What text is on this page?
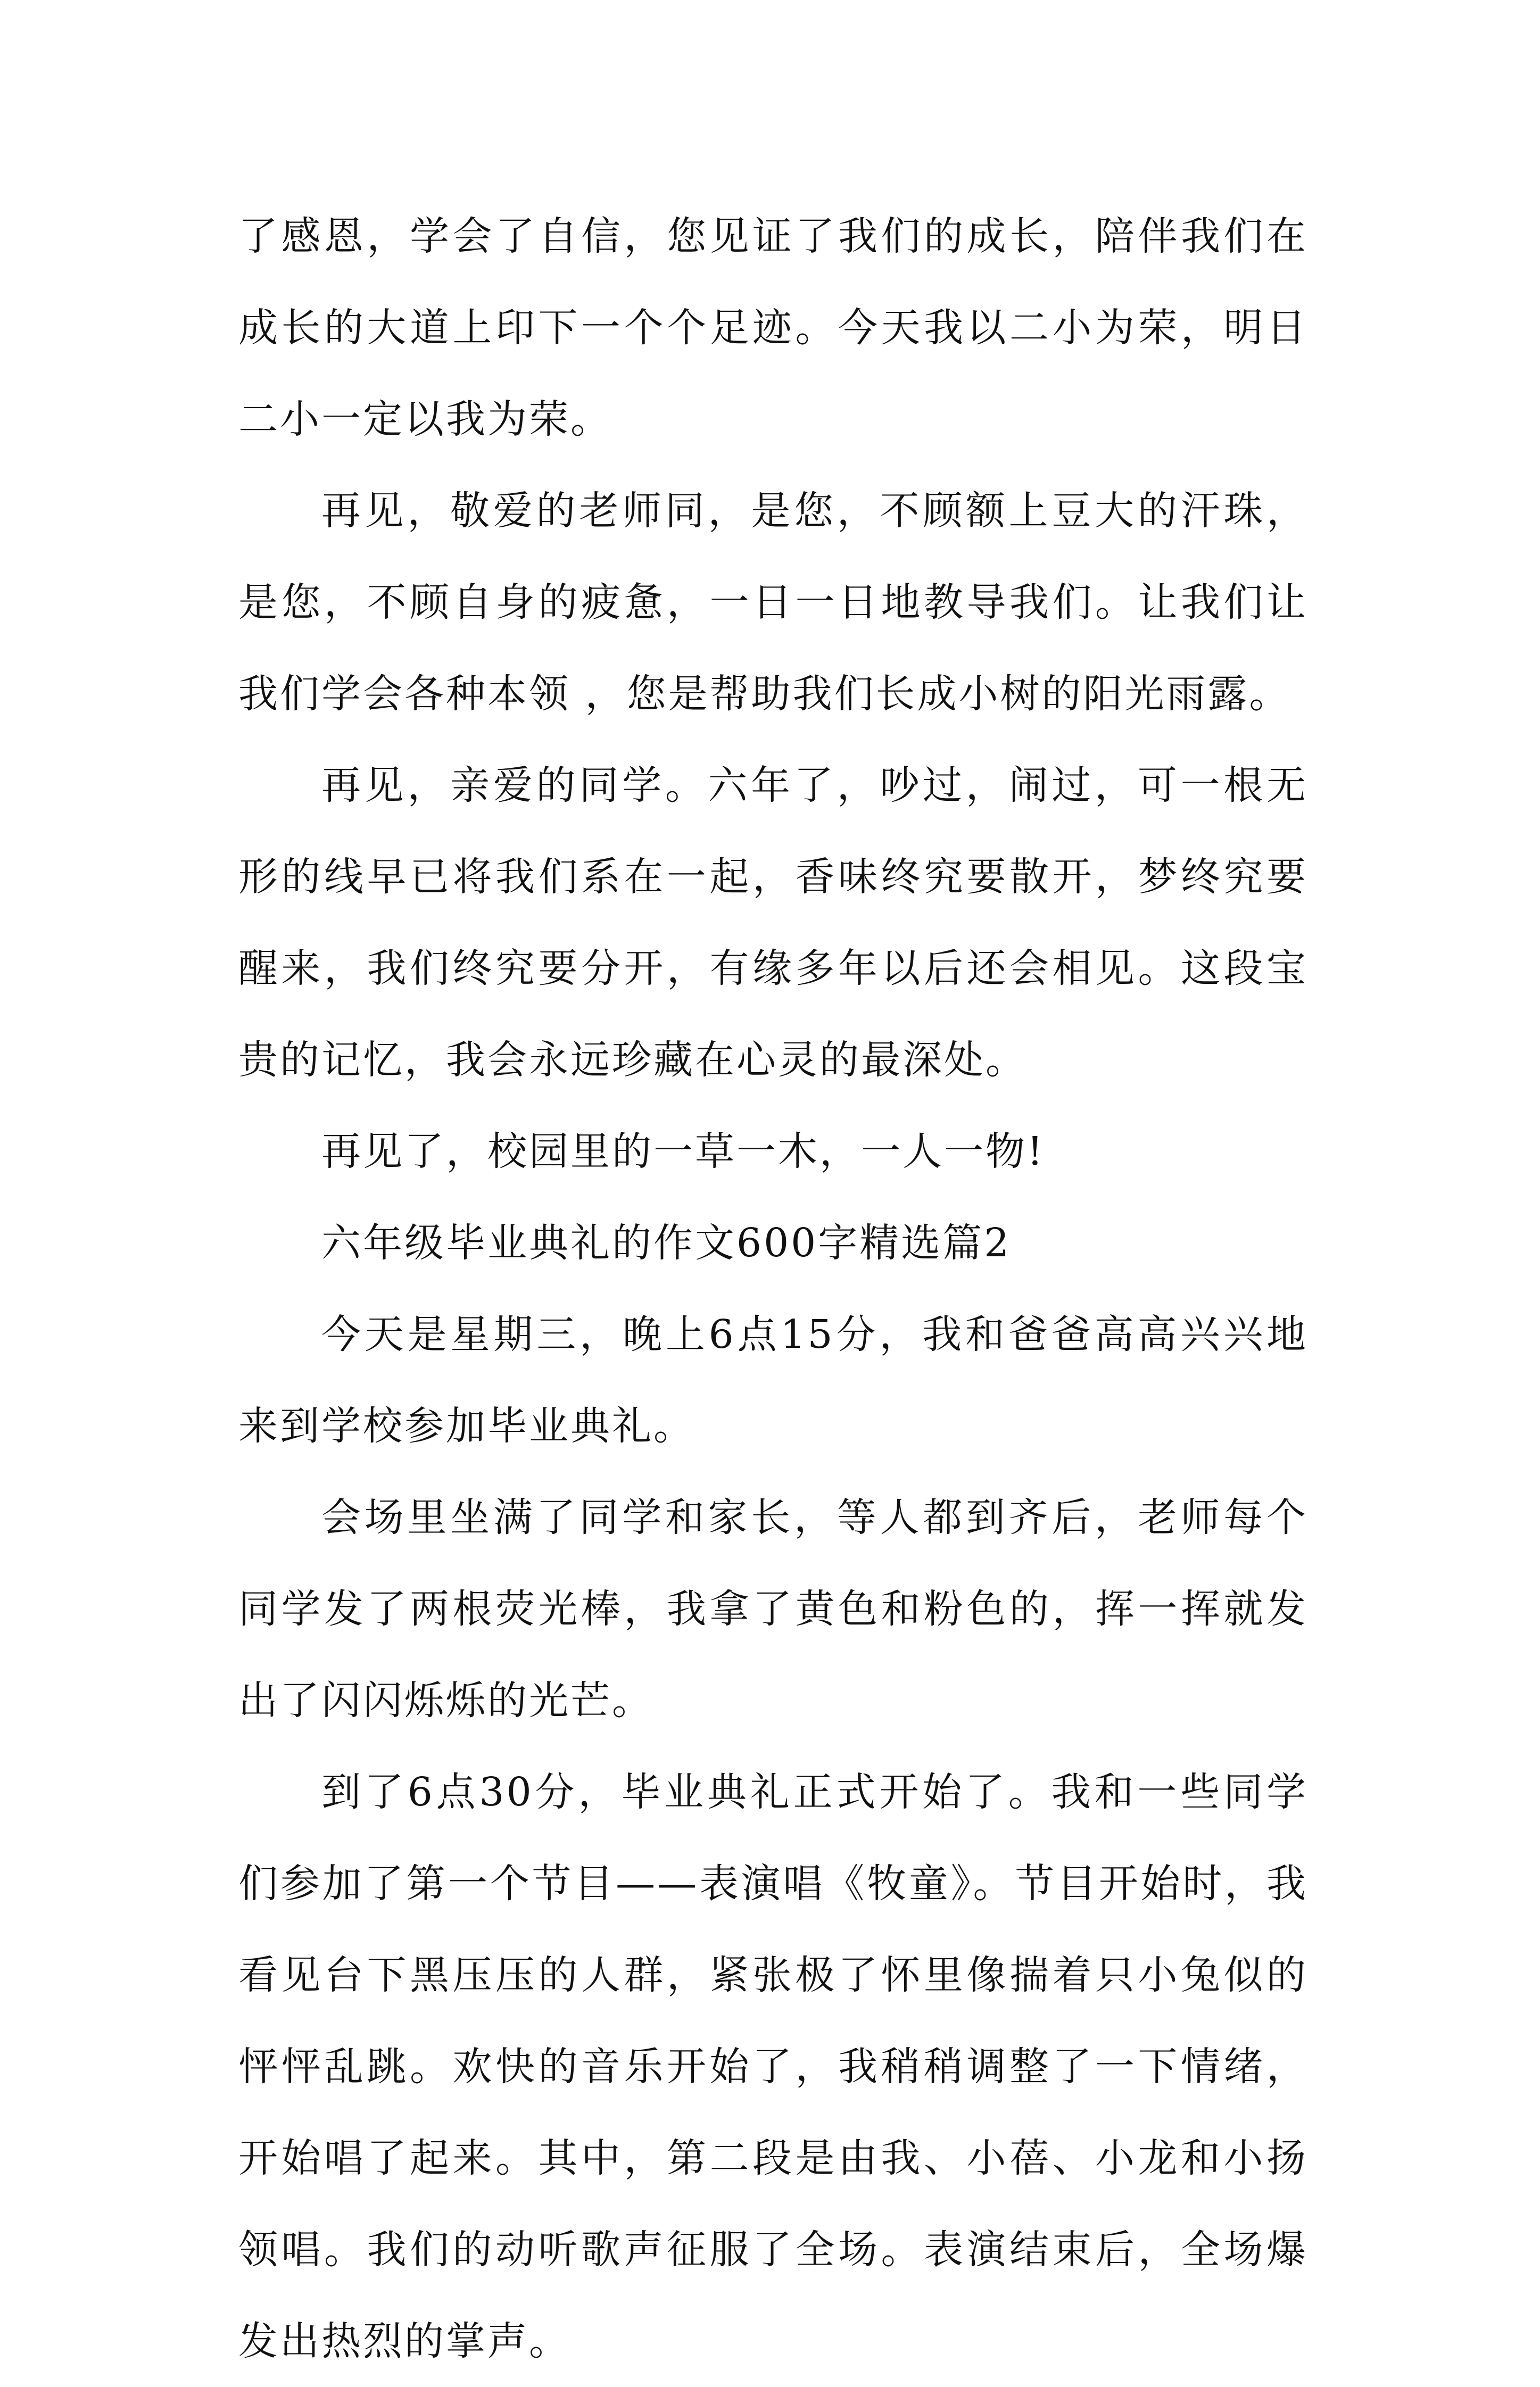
了感恩，学会了自信，您见证了我们的成长，陪伴我们在成长的大道上印下一个个足迹。今天我以二小为荣，明日二小一定以我为荣。

再见，敬爱的老师同，是您，不顾额上豆大的汗珠，是您，不顾自身的疲惫，一日一日地教导我们。让我们让我们学会各种本领 ，您是帮助我们长成小树的阳光雨露。

再见，亲爱的同学。六年了，吵过，闹过，可一根无形的线早已将我们系在一起，香味终究要散开，梦终究要醒来，我们终究要分开，有缘多年以后还会相见。这段宝贵的记忆，我会永远珍藏在心灵的最深处。

再见了，校园里的一草一木，一人一物!

六年级毕业典礼的作文600字精选篇2

今天是星期三，晚上6点15分，我和爸爸高高兴兴地来到学校参加毕业典礼。

会场里坐满了同学和家长，等人都到齐后，老师每个同学发了两根荧光棒，我拿了黄色和粉色的，挥一挥就发出了闪闪烁烁的光芒。

到了6点30分，毕业典礼正式开始了。我和一些同学们参加了第一个节目——表演唱《牧童》。节目开始时，我看见台下黑压压的人群，紧张极了怀里像揣着只小兔似的怦怦乱跳。欢快的音乐开始了，我稍稍调整了一下情绪，开始唱了起来。其中，第二段是由我、小蓓、小龙和小扬领唱。我们的动听歌声征服了全场。表演结束后，全场爆发出热烈的掌声。
